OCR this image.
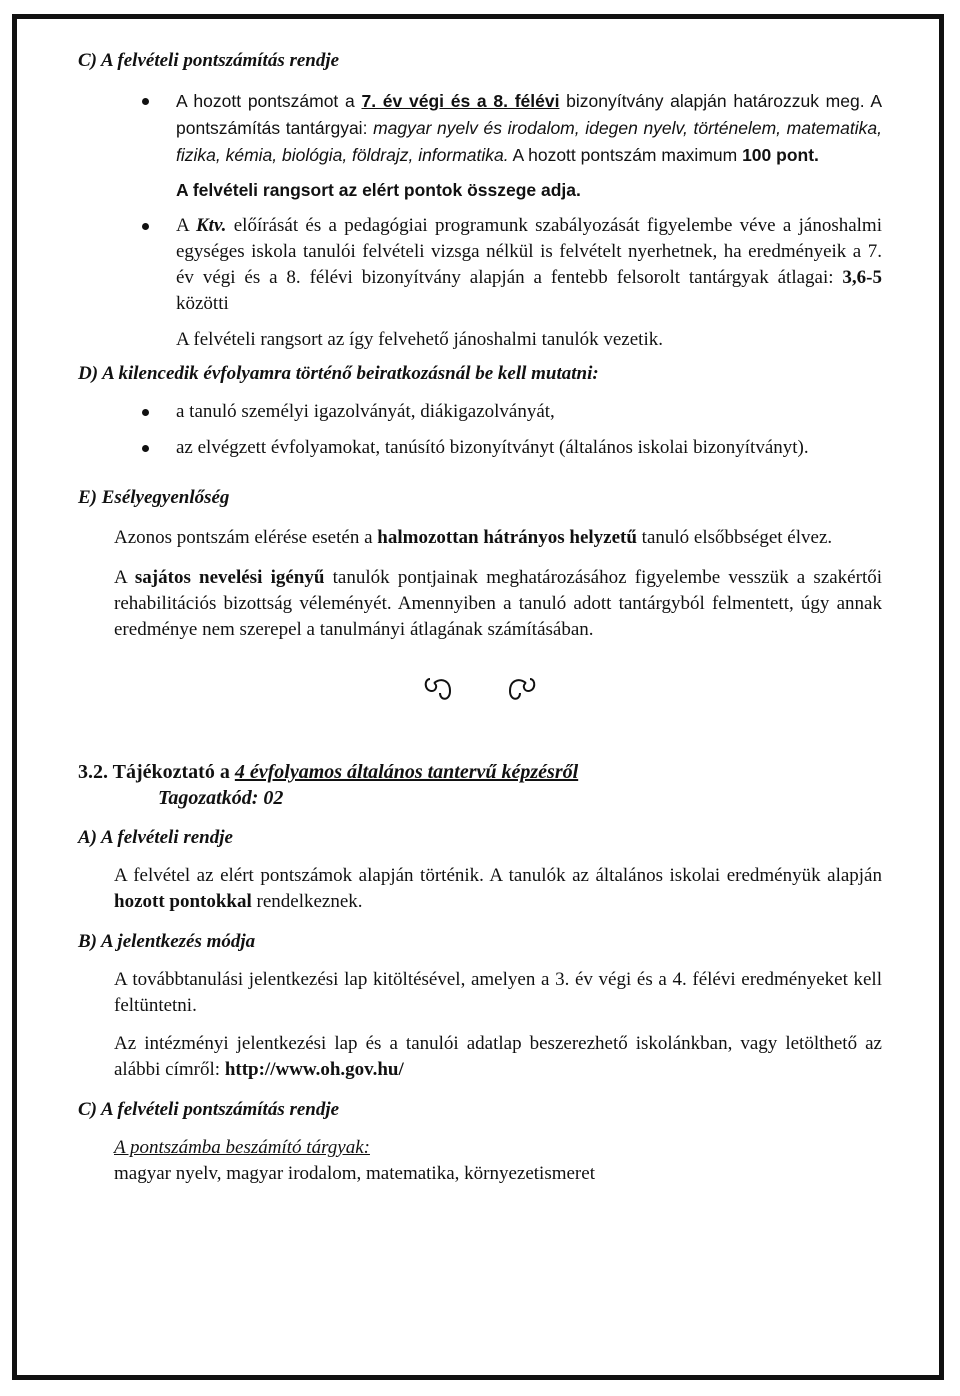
C) A felvételi pontszámítás rendje

A hozott pontszámot a 7. év végi és a 8. félévi bizonyítvány alapján határozzuk meg. A pontszámítás tantárgyai: magyar nyelv és irodalom, idegen nyelv, történelem, matematika, fizika, kémia, biológia, földrajz, informatika. A hozott pontszám maximum 100 pont.
A felvételi rangsort az elért pontok összege adja.
A Ktv. előírását és a pedagógiai programunk szabályozását figyelembe véve a jánoshalmi egységes iskola tanulói felvételi vizsga nélkül is felvételt nyerhetnek, ha eredményeik a 7. év végi és a 8. félévi bizonyítvány alapján a fentebb felsorolt tantárgyak átlagai: 3,6-5 közötti
A felvételi rangsort az így felvehető jánoshalmi tanulók vezetik.

D) A kilencedik évfolyamra történő beiratkozásnál be kell mutatni:

a tanuló személyi igazolványát, diákigazolványát,
az elvégzett évfolyamokat, tanúsító bizonyítványt (általános iskolai bizonyítványt).

E) Esélyegyenlőség

Azonos pontszám elérése esetén a halmozottan hátrányos helyzetű tanuló elsőbbséget élvez.

A sajátos nevelési igényű tanulók pontjainak meghatározásához figyelembe vesszük a szakértői rehabilitációs bizottság véleményét. Amennyiben a tanuló adott tantárgyból felmentett, úgy annak eredménye nem szerepel a tanulmányi átlagának számításában.

3.2. Tájékoztató a 4 évfolyamos általános tantervű képzésről

Tagozatkód: 02

A) A felvételi rendje

A felvétel az elért pontszámok alapján történik. A tanulók az általános iskolai eredményük alapján hozott pontokkal rendelkeznek.

B) A jelentkezés módja

A továbbtanulási jelentkezési lap kitöltésével, amelyen a 3. év végi és a 4. félévi eredményeket kell feltüntetni.

Az intézményi jelentkezési lap és a tanulói adatlap beszerezhető iskolánkban, vagy letölthető az alábbi címről: http://www.oh.gov.hu/

C) A felvételi pontszámítás rendje

A pontszámba beszámító tárgyak:

magyar nyelv, magyar irodalom, matematika, környezetismeret
